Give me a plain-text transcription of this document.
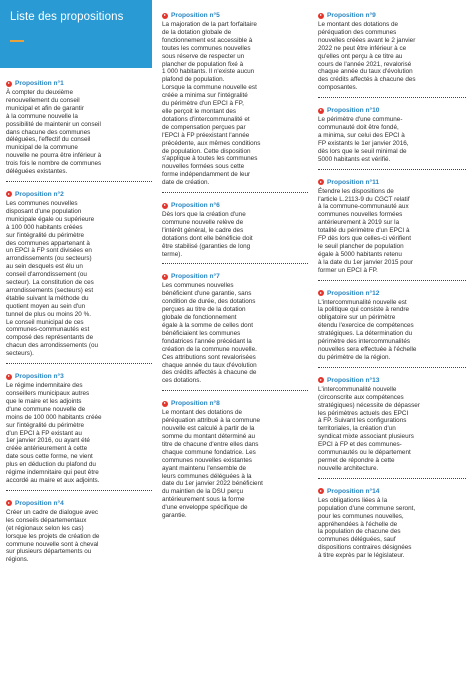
Liste des propositions
Proposition n°1
À compter du deuxième
renouvellement du conseil
municipal et afin de garantir
à la commune nouvelle la
possibilité de maintenir un conseil
dans chacune des communes
déléguées, l'effectif du conseil
municipal de la commune
nouvelle ne pourra être inférieur à
trois fois le nombre de communes
déléguées existantes.
Proposition n°2
Les communes nouvelles
disposant d'une population
municipale égale ou supérieure
à 100 000 habitants créées
sur l'intégralité du périmètre
des communes appartenant à
un EPCI à FP sont divisées en
arrondissements (ou secteurs)
au sein desquels est élu un
conseil d'arrondissement (ou
secteur). La constitution de ces
arrondissements (secteurs) est
établie suivant la méthode du
quotient moyen au sein d'un
tunnel de plus ou moins 20 %.
Le conseil municipal de ces
communes-communautés est
composé des représentants de
chacun des arrondissements (ou
secteurs).
Proposition n°3
Le régime indemnitaire des
conseillers municipaux autres
que le maire et les adjoints
d'une commune nouvelle de
moins de 100 000 habitants créée
sur l'intégralité du périmètre
d'un EPCI à FP existant au
1er janvier 2016, ou ayant été
créée antérieurement à cette
date sous cette forme, ne vient
plus en déduction du plafond du
régime indemnitaire qui peut être
accordé au maire et aux adjoints.
Proposition n°4
Créer un cadre de dialogue avec
les conseils départementaux
(et régionaux selon les cas)
lorsque les projets de création de
commune nouvelle sont à cheval
sur plusieurs départements ou
régions.
Proposition n°5
La majoration de la part forfaitaire
de la dotation globale de
fonctionnement est accessible à
toutes les communes nouvelles
sous réserve de respecter un
plancher de population fixé à
1 000 habitants. Il n'existe aucun
plafond de population.
Lorsque la commune nouvelle est
créée a minima sur l'intégralité
du périmètre d'un EPCI à FP,
elle perçoit le montant des
dotations d'intercommunalité et
de compensation perçues par
l'EPCI à FP préexistant l'année
précédente, aux mêmes conditions
de population. Cette disposition
s'applique à toutes les communes
nouvelles formées sous cette
forme indépendamment de leur
date de création.
Proposition n°6
Dès lors que la création d'une
commune nouvelle relève de
l'intérêt général, le cadre des
dotations dont elle bénéficie doit
être stabilisé (garanties de long
terme).
Proposition n°7
Les communes nouvelles
bénéficient d'une garantie, sans
condition de durée, des dotations
perçues au titre de la dotation
globale de fonctionnement
égale à la somme de celles dont
bénéficiaient les communes
fondatrices l'année précédant la
création de la commune nouvelle.
Ces attributions sont revalorisées
chaque année du taux d'évolution
des crédits affectés à chacune de
ces dotations.
Proposition n°8
Le montant des dotations de
péréquation attribué à la commune
nouvelle est calculé à partir de la
somme du montant déterminé au
titre de chacune d'entre elles dans
chaque commune fondatrice. Les
communes nouvelles existantes
ayant maintenu l'ensemble de
leurs communes déléguées à la
date du 1er janvier 2022 bénéficient
du maintien de la DSU perçu
antérieurement sous la forme
d'une enveloppe spécifique de
garantie.
Proposition n°9
Le montant des dotations de
péréquation des communes
nouvelles créées avant le 2 janvier
2022 ne peut être inférieur à ce
qu'elles ont perçu à ce titre au
cours de l'année 2021, revalorisé
chaque année du taux d'évolution
des crédits affectés à chacune des
composantes.
Proposition n°10
Le périmètre d'une commune-
communauté doit être fondé,
a minima, sur celui des EPCI à
FP existants le 1er janvier 2016,
dès lors que le seuil minimal de
5000 habitants est vérifié.
Proposition n°11
Étendre les dispositions de
l'article L.2113-9 du CGCT relatif
à la commune-communauté aux
communes nouvelles formées
antérieurement à 2019 sur la
totalité du périmètre d'un EPCI à
FP dès lors que celles-ci vérifient
le seuil plancher de population
égale à 5000 habitants retenu
à la date du 1er janvier 2015 pour
former un EPCI à FP.
Proposition n°12
L'intercommunalité nouvelle est
la politique qui consiste à rendre
obligatoire sur un périmètre
étendu l'exercice de compétences
stratégiques. La détermination du
périmètre des intercommunalités
nouvelles sera effectuée à l'échelle
du périmètre de la région.
Proposition n°13
L'intercommunalité nouvelle
(circonscrite aux compétences
stratégiques) nécessite de dépasser
les périmètres actuels des EPCI
à FP. Suivant les configurations
territoriales, la création d'un
syndicat mixte associant plusieurs
EPCI à FP et des communes-
communautés ou le département
permet de répondre à cette
nouvelle architecture.
Proposition n°14
Les obligations liées à la
population d'une commune seront,
pour les communes nouvelles,
appréhendées à l'échelle de
la population de chacune des
communes déléguées, sauf
dispositions contraires désignées
à titre exprès par le législateur.
